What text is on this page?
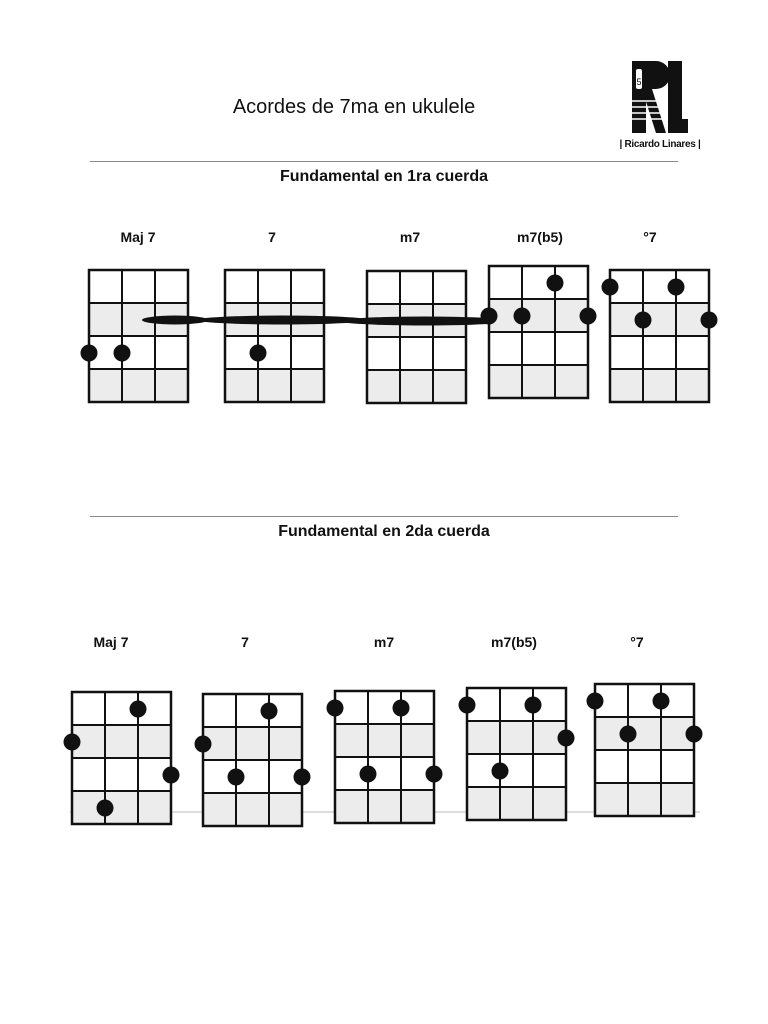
Acordes de 7ma en ukulele
5
| Ricardo Linares |
Fundamental en 1ra cuerda
Fundamental en 2da cuerda
Maj 7	7	m7	m7(b5)	°7
Maj 7	7	m7	m7(b5)	°7
